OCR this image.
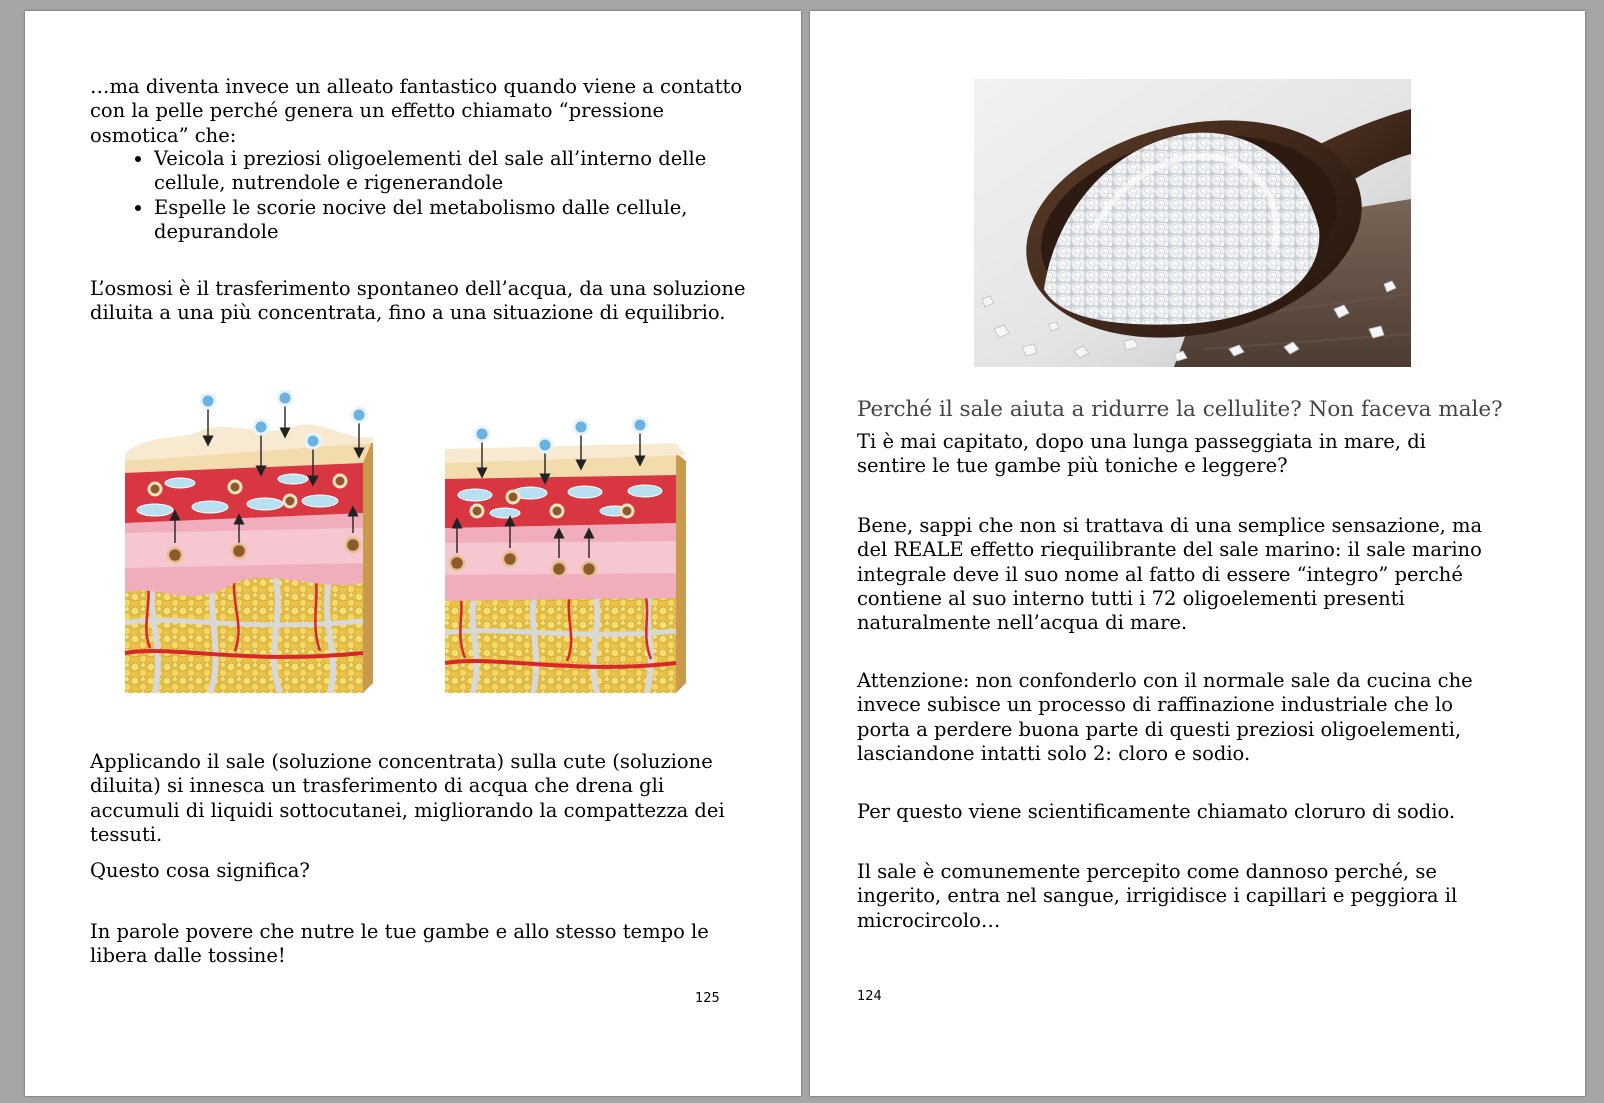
…ma diventa invece un alleato fantastico quando viene a contatto con la pelle perché genera un effetto chiamato “pressione osmotica” che:

• Veicola i preziosi oligoelementi del sale all’interno delle cellule, nutrendole e rigenerandole
• Espelle le scorie nocive del metabolismo dalle cellule, depurandole

L’osmosi è il trasferimento spontaneo dell’acqua, da una soluzione diluita a una più concentrata, fino a una situazione di equilibrio.

Applicando il sale (soluzione concentrata) sulla cute (soluzione diluita) si innesca un trasferimento di acqua che drena gli accumuli di liquidi sottocutanei, migliorando la compattezza dei tessuti.

Questo cosa significa?

In parole povere che nutre le tue gambe e allo stesso tempo le libera dalle tossine!

125
Perché il sale aiuta a ridurre la cellulite? Non faceva male?

Ti è mai capitato, dopo una lunga passeggiata in mare, di sentire le tue gambe più toniche e leggere?

Bene, sappi che non si trattava di una semplice sensazione, ma del REALE effetto riequilibrante del sale marino: il sale marino integrale deve il suo nome al fatto di essere “integro” perché contiene al suo interno tutti i 72 oligoelementi presenti naturalmente nell’acqua di mare.

Attenzione: non confonderlo con il normale sale da cucina che invece subisce un processo di raffinazione industriale che lo porta a perdere buona parte di questi preziosi oligoelementi, lasciandone intatti solo 2: cloro e sodio.

Per questo viene scientificamente chiamato cloruro di sodio.

Il sale è comunemente percepito come dannoso perché, se ingerito, entra nel sangue, irrigidisce i capillari e peggiora il microcircolo…

124
